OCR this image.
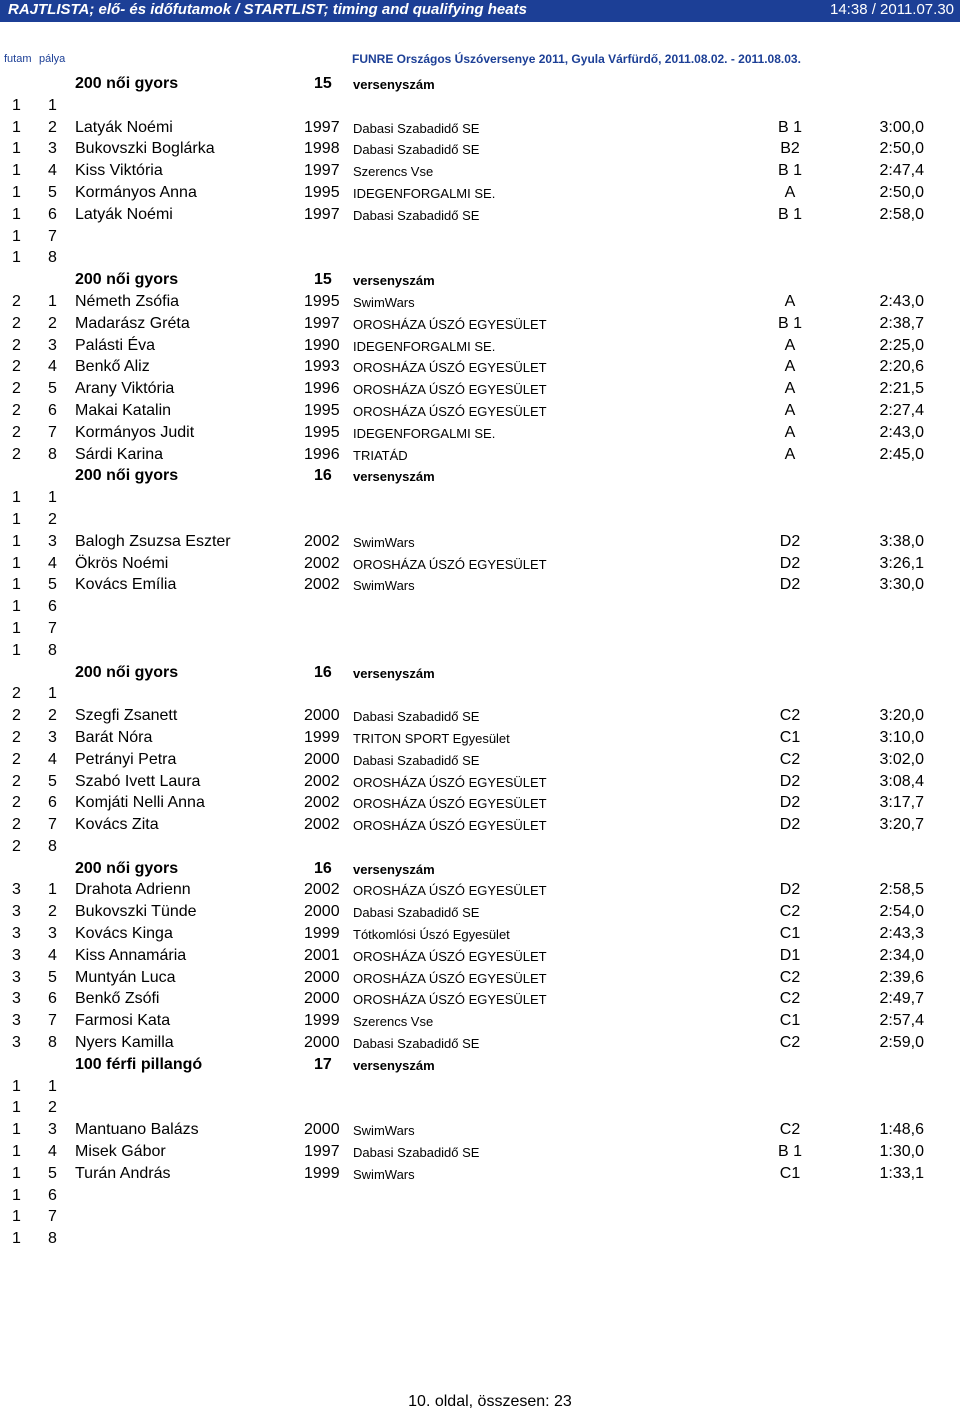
RAJTLISTA; elő- és időfutamok / STARTLIST; timing and qualifying heats	14:38 / 2011.07.30
futam pálya	FUNRE Országos Úszóversenye 2011, Gyula Várfürdő, 2011.08.02. - 2011.08.03.
200 női gyors	15 versenyszám
1 1
1 2 Latyák Noémi	1997 Dabasi Szabadidő SE	B 1	3:00,0
1 3 Bukovszki Boglárka	1998 Dabasi Szabadidő SE	B2	2:50,0
1 4 Kiss Viktória	1997 Szerencs Vse	B 1	2:47,4
1 5 Kormányos Anna	1995 IDEGENFORGALMI SE.	A	2:50,0
1 6 Latyák Noémi	1997 Dabasi Szabadidő SE	B 1	2:58,0
1 7
1 8
200 női gyors	15 versenyszám
2 1 Németh Zsófia	1995 SwimWars	A	2:43,0
2 2 Madarász Gréta	1997 OROSHÁZA ÚSZÓ EGYESÜLET	B 1	2:38,7
2 3 Palásti Éva	1990 IDEGENFORGALMI SE.	A	2:25,0
2 4 Benkő Aliz	1993 OROSHÁZA ÚSZÓ EGYESÜLET	A	2:20,6
2 5 Arany Viktória	1996 OROSHÁZA ÚSZÓ EGYESÜLET	A	2:21,5
2 6 Makai Katalin	1995 OROSHÁZA ÚSZÓ EGYESÜLET	A	2:27,4
2 7 Kormányos Judit	1995 IDEGENFORGALMI SE.	A	2:43,0
2 8 Sárdi Karina	1996 TRIATÁD	A	2:45,0
200 női gyors	16 versenyszám
1 1
1 2
1 3 Balogh Zsuzsa Eszter	2002 SwimWars	D2	3:38,0
1 4 Ökrös Noémi	2002 OROSHÁZA ÚSZÓ EGYESÜLET	D2	3:26,1
1 5 Kovács Emília	2002 SwimWars	D2	3:30,0
1 6
1 7
1 8
200 női gyors	16 versenyszám
2 1
2 2 Szegfi Zsanett	2000 Dabasi Szabadidő SE	C2	3:20,0
2 3 Barát Nóra	1999 TRITON SPORT Egyesület	C1	3:10,0
2 4 Petrányi Petra	2000 Dabasi Szabadidő SE	C2	3:02,0
2 5 Szabó Ivett Laura	2002 OROSHÁZA ÚSZÓ EGYESÜLET	D2	3:08,4
2 6 Komjáti Nelli Anna	2002 OROSHÁZA ÚSZÓ EGYESÜLET	D2	3:17,7
2 7 Kovács Zita	2002 OROSHÁZA ÚSZÓ EGYESÜLET	D2	3:20,7
2 8
200 női gyors	16 versenyszám
3 1 Drahota Adrienn	2002 OROSHÁZA ÚSZÓ EGYESÜLET	D2	2:58,5
3 2 Bukovszki Tünde	2000 Dabasi Szabadidő SE	C2	2:54,0
3 3 Kovács Kinga	1999 Tótkomlósi Úszó Egyesület	C1	2:43,3
3 4 Kiss Annamária	2001 OROSHÁZA ÚSZÓ EGYESÜLET	D1	2:34,0
3 5 Muntyán Luca	2000 OROSHÁZA ÚSZÓ EGYESÜLET	C2	2:39,6
3 6 Benkő Zsófi	2000 OROSHÁZA ÚSZÓ EGYESÜLET	C2	2:49,7
3 7 Farmosi Kata	1999 Szerencs Vse	C1	2:57,4
3 8 Nyers Kamilla	2000 Dabasi Szabadidő SE	C2	2:59,0
100 férfi pillangó	17 versenyszám
1 1
1 2
1 3 Mantuano Balázs	2000 SwimWars	C2	1:48,6
1 4 Misek Gábor	1997 Dabasi Szabadidő SE	B 1	1:30,0
1 5 Turán András	1999 SwimWars	C1	1:33,1
1 6
1 7
1 8
10. oldal, összesen: 23
